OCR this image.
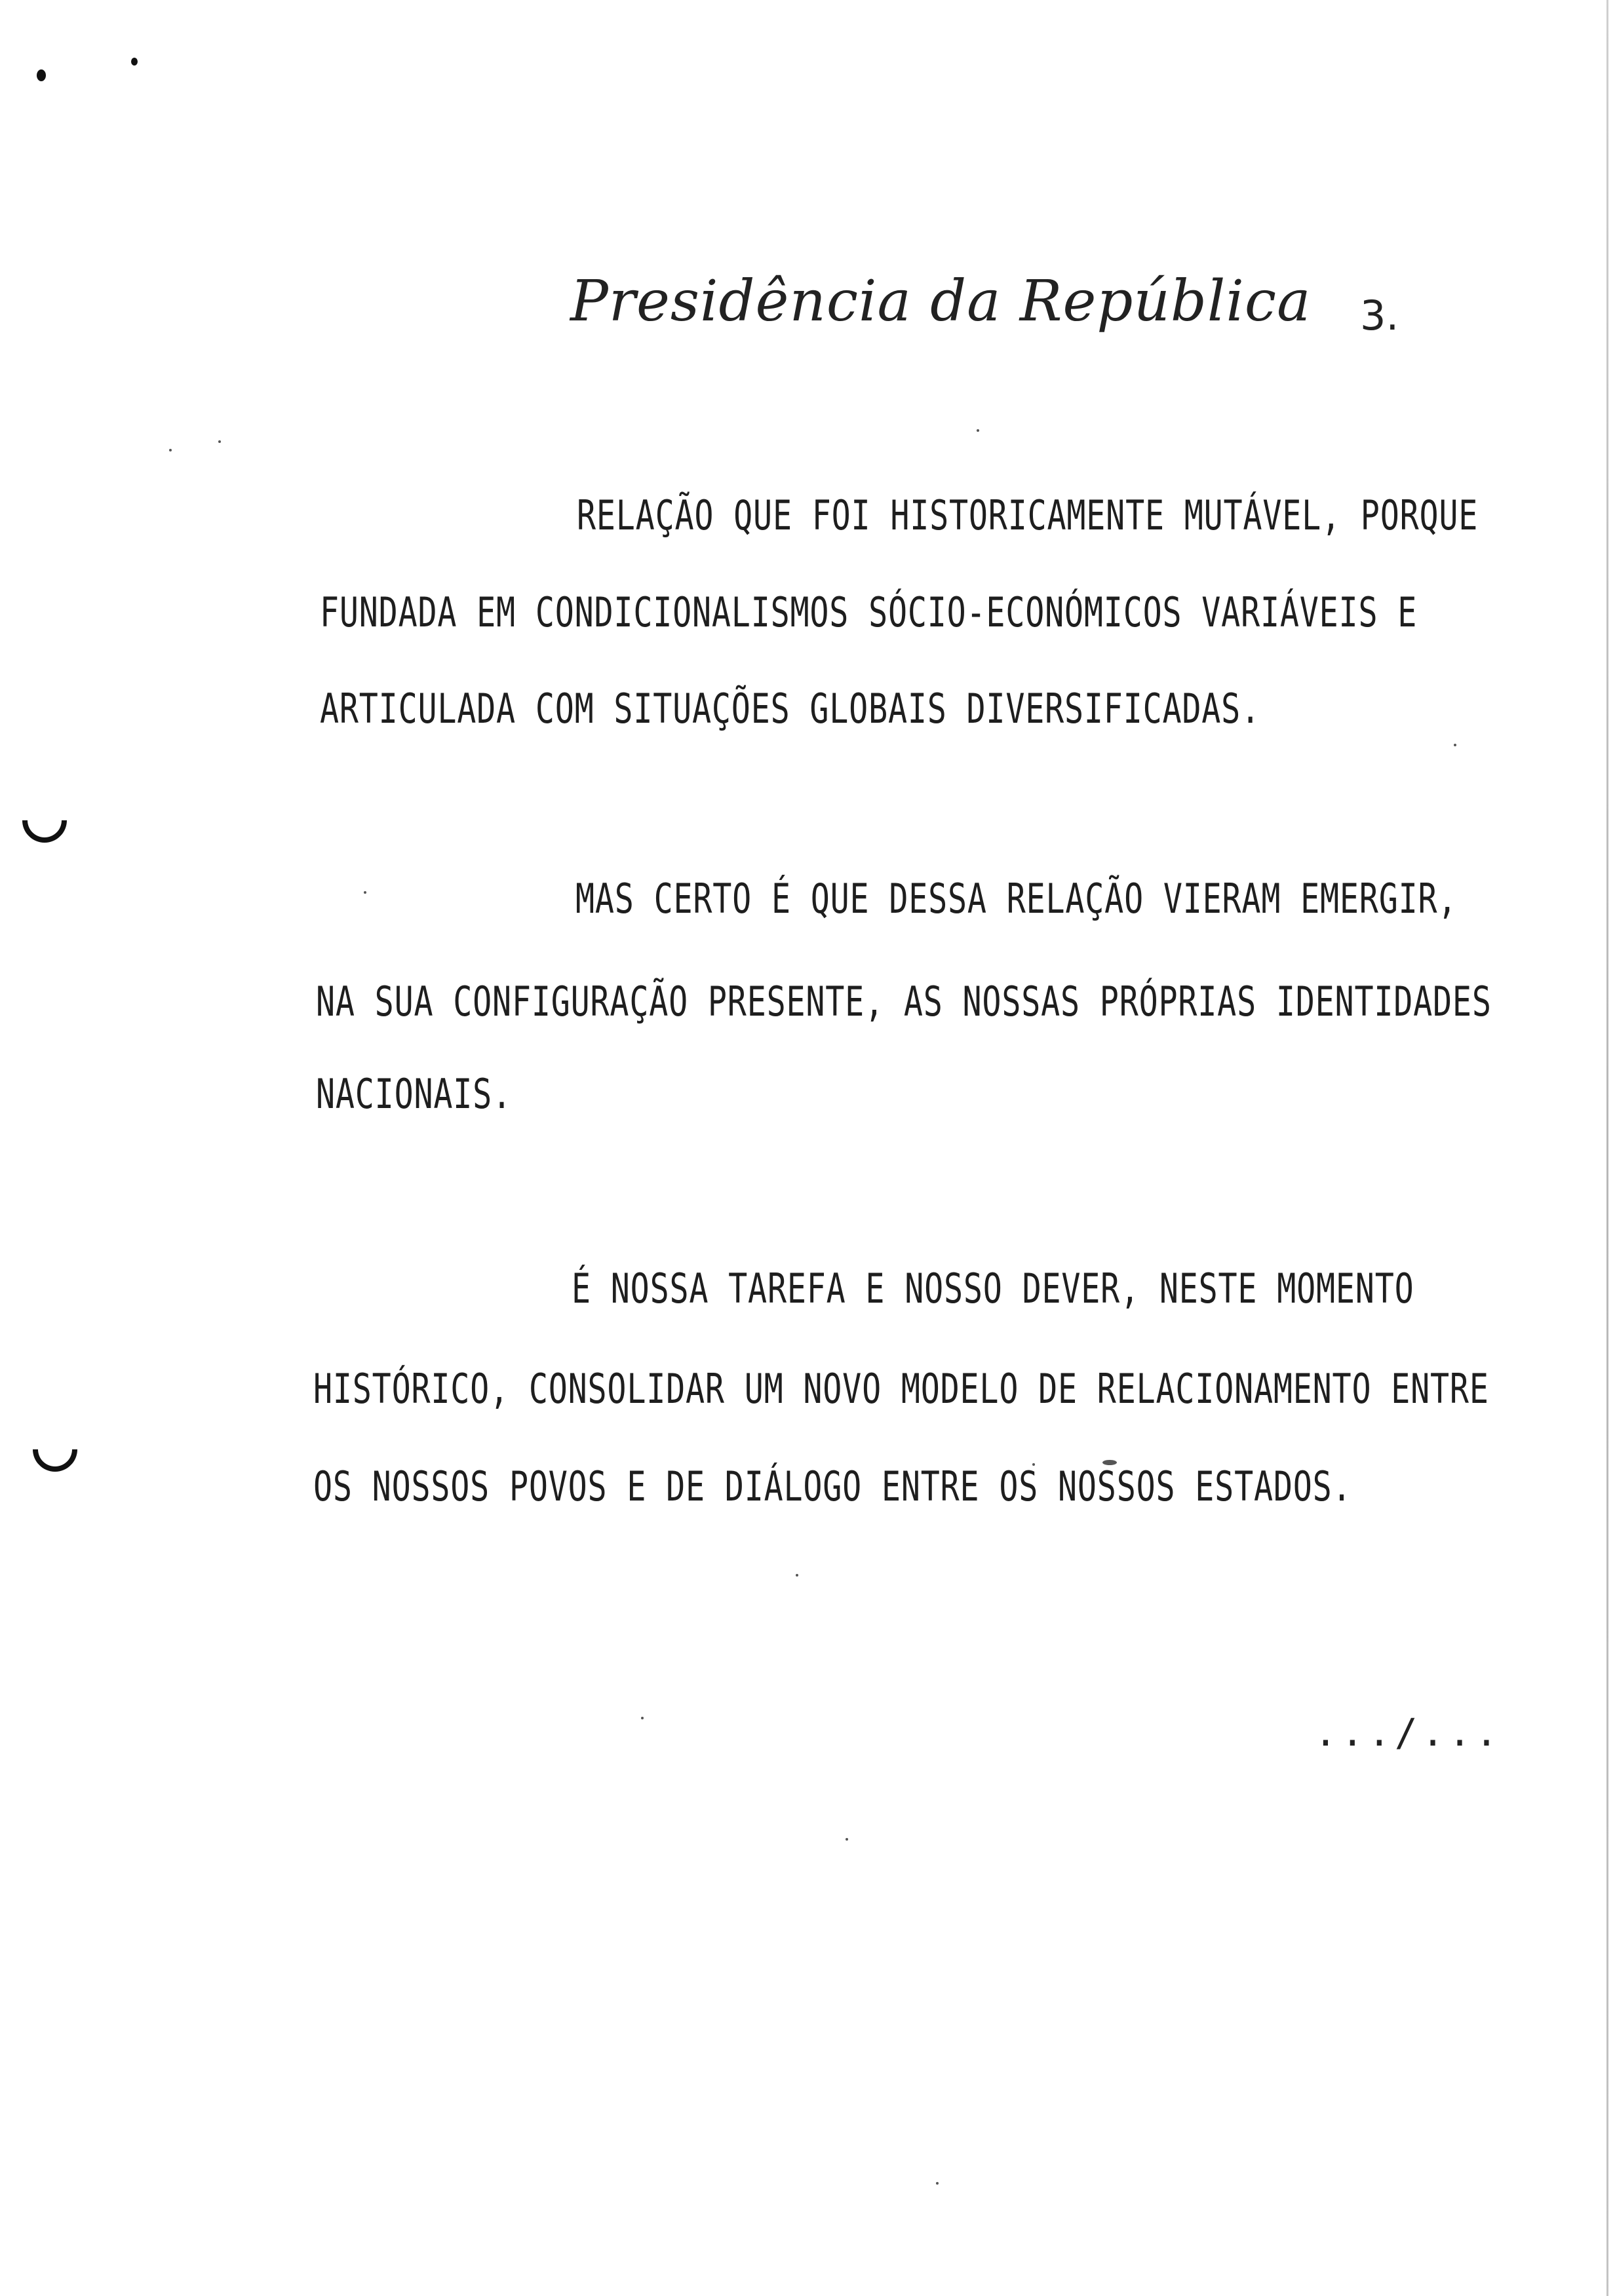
Presidência da República 3.
RELAÇÃO QUE FOI HISTORICAMENTE MUTÁVEL, PORQUE
FUNDADA EM CONDICIONALISMOS SÓCIO-ECONÓMICOS VARIÁVEIS E
ARTICULADA COM SITUAÇÕES GLOBAIS DIVERSIFICADAS.
MAS CERTO É QUE DESSA RELAÇÃO VIERAM EMERGIR,
NA SUA CONFIGURAÇÃO PRESENTE, AS NOSSAS PRÓPRIAS IDENTIDADES
NACIONAIS.
É NOSSA TAREFA E NOSSO DEVER, NESTE MOMENTO
HISTÓRICO, CONSOLIDAR UM NOVO MODELO DE RELACIONAMENTO ENTRE
OS NOSSOS POVOS E DE DIÁLOGO ENTRE OS NOSSOS ESTADOS.
.../...
